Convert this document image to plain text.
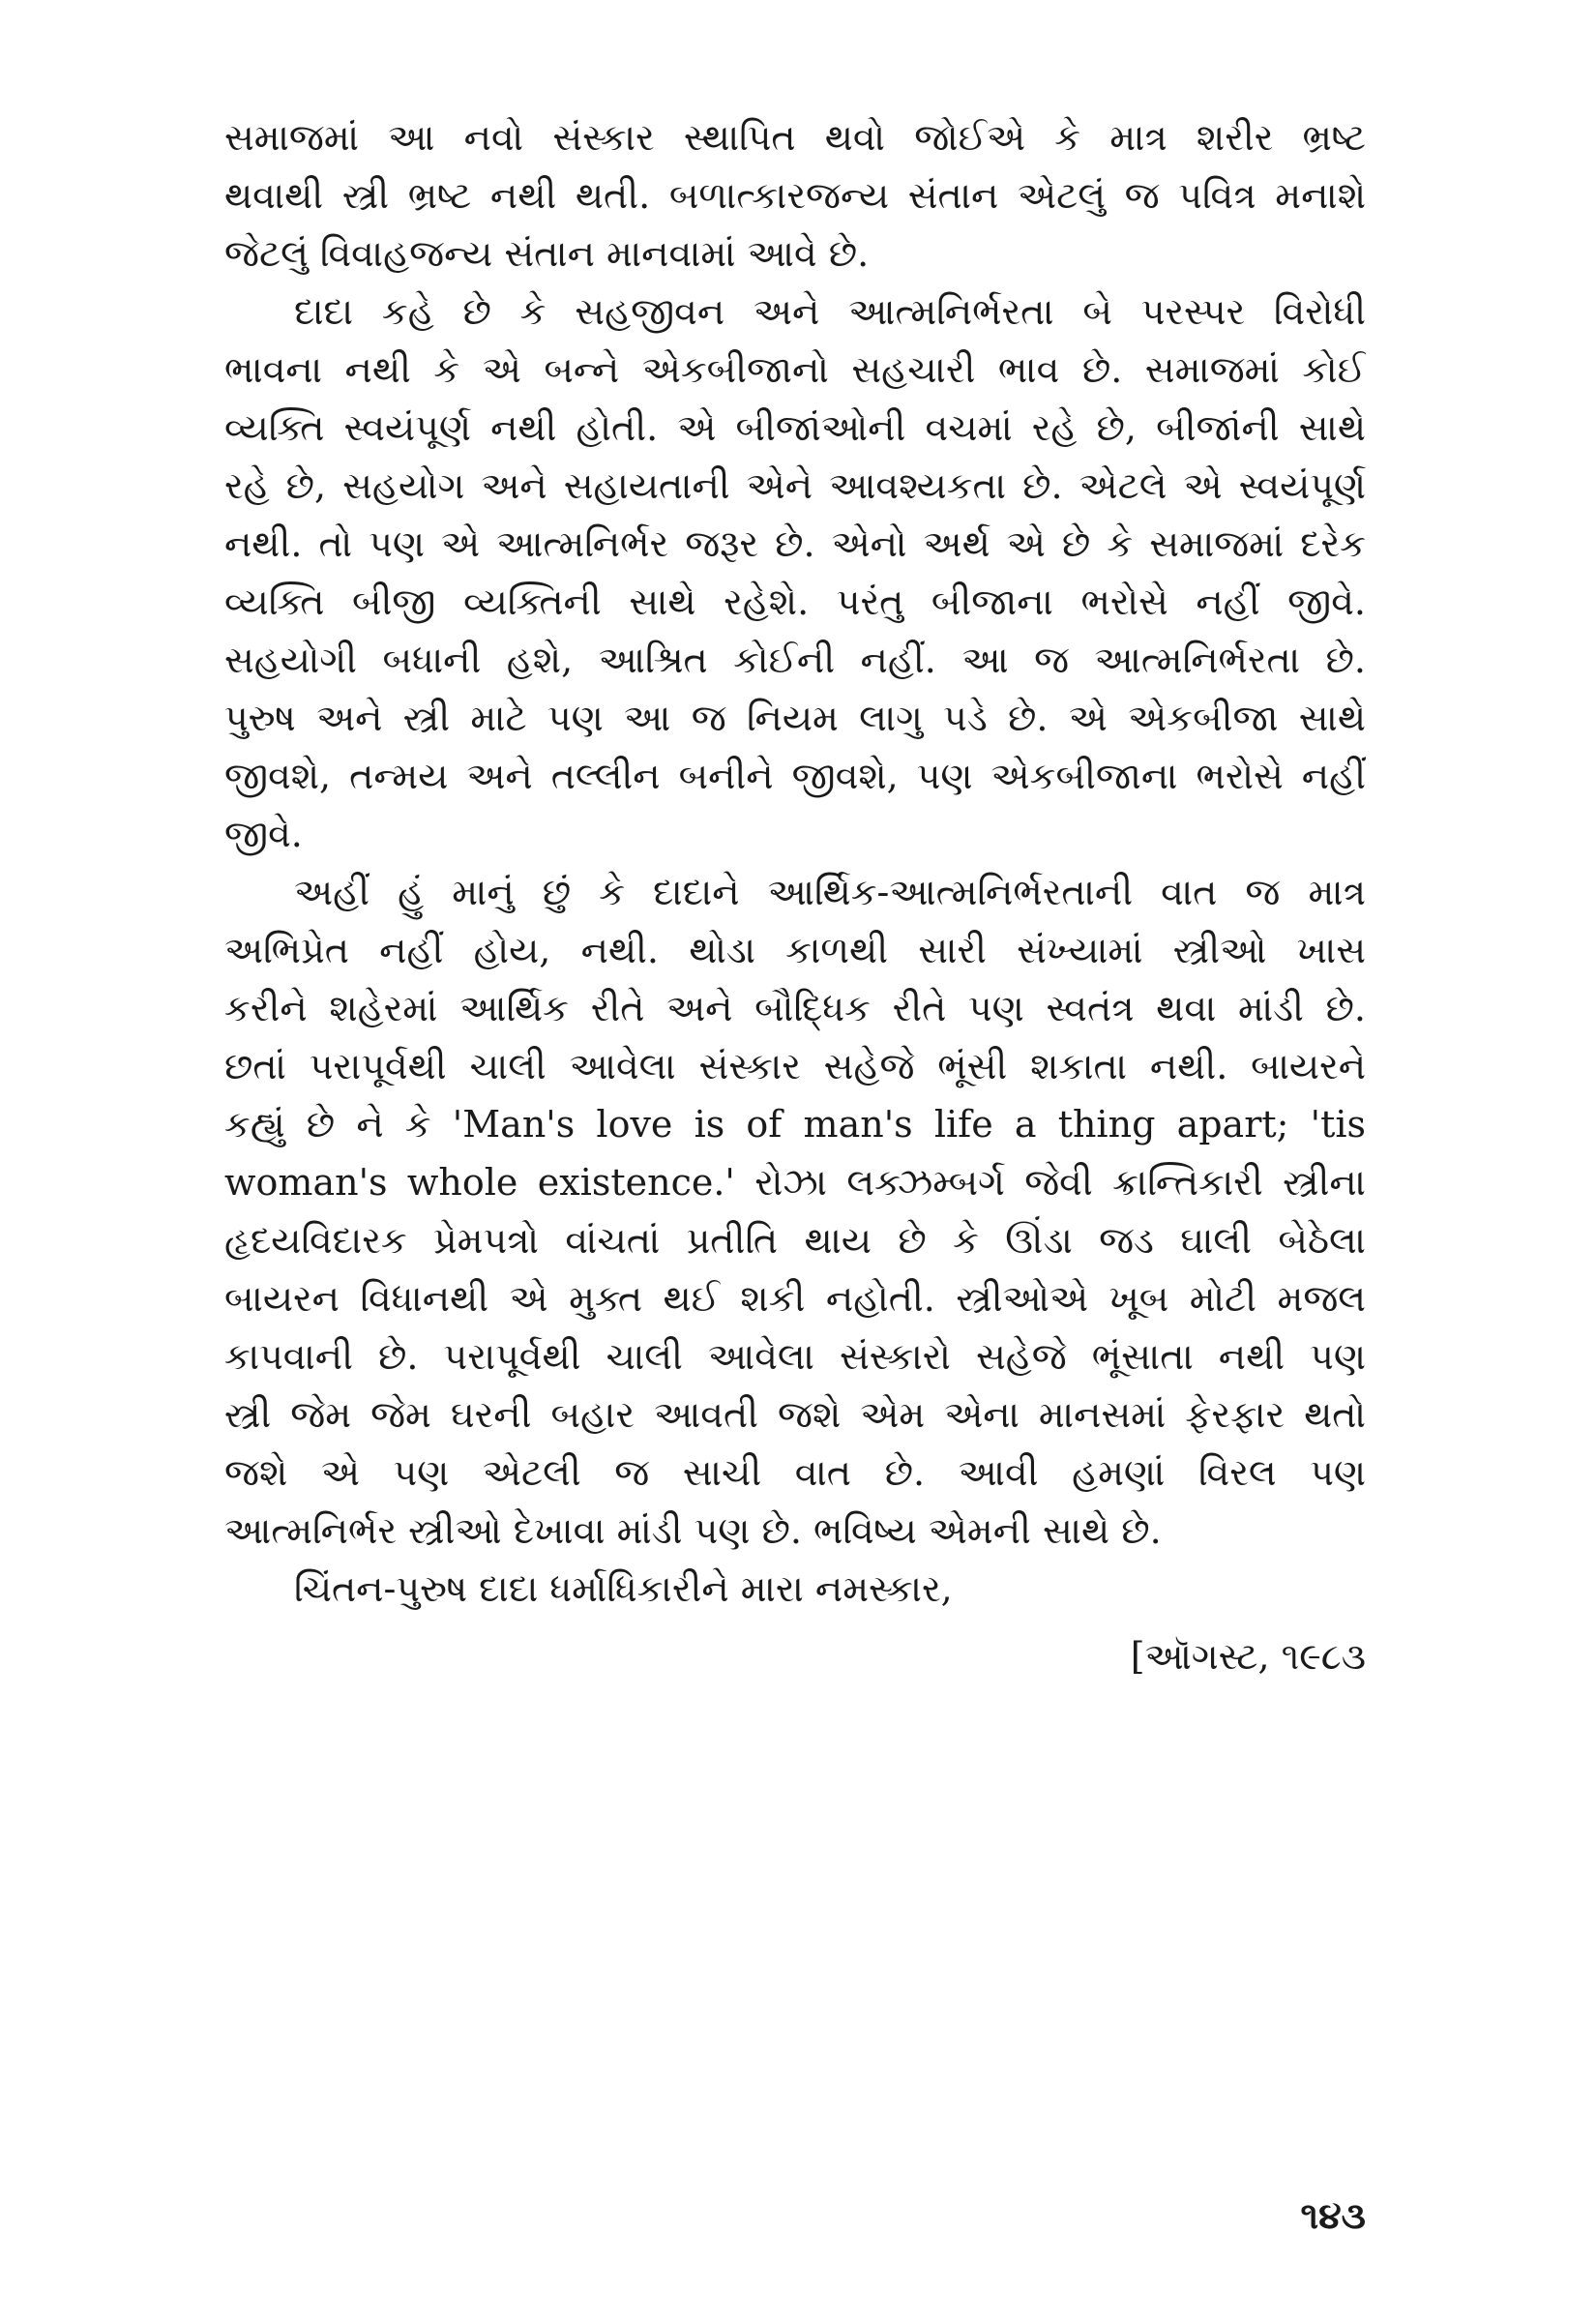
સમાજમાં આ નવો સંસ્કાર સ્થાપિત થવો જોઈએ કે માત્ર શરીર ભ્રષ્ટ
થવાથી સ્ત્રી ભ્રષ્ટ નથી થતી. બળાત્કારજન્ય સંતાન એટલું જ પવિત્ર મનાશે
જેટલું વિવાહજન્ય સંતાન માનવામાં આવે છે.
દાદા કહે છે કે સહજીવન અને આત્મનિર્ભરતા બે પરસ્પર વિરોધી
ભાવના નથી કે એ બન્ને એકબીજાનો સહચારી ભાવ છે. સમાજમાં કોઈ
વ્યક્તિ સ્વયંપૂર્ણ નથી હોતી. એ બીજાંઓની વચમાં રહે છે, બીજાંની સાથે
રહે છે, સહયોગ અને સહાયતાની એને આવશ્યકતા છે. એટલે એ સ્વયંપૂર્ણ
નથી. તો પણ એ આત્મનિર્ભર જરૂર છે. એનો અર્થ એ છે કે સમાજમાં દરેક
વ્યક્તિ બીજી વ્યક્તિની સાથે રહેશે. પરંતુ બીજાના ભરોસે નહીં જીવે.
સહયોગી બધાની હશે, આશ્રિત કોઈની નહીં. આ જ આત્મનિર્ભરતા છે.
પુરુષ અને સ્ત્રી માટે પણ આ જ નિયમ લાગુ પડે છે. એ એકબીજા સાથે
જીવશે, તન્મય અને તલ્લીન બનીને જીવશે, પણ એકબીજાના ભરોસે નહીં
જીવે.
અહીં હું માનું છું કે દાદાને આર્થિક-આત્મનિર્ભરતાની વાત જ માત્ર
અભિપ્રેત નહીં હોય, નથી. થોડા કાળથી સારી સંખ્યામાં સ્ત્રીઓ ખાસ
કરીને શહેરમાં આર્થિક રીતે અને બૌદ્ધિક રીતે પણ સ્વતંત્ર થવા માંડી છે.
છતાં પરાપૂર્વથી ચાલી આવેલા સંસ્કાર સહેજે ભૂંસી શકાતા નથી. બાયરને
કહ્યું છે ને કે 'Man's love is of man's life a thing apart; 'tis
woman's whole existence.' રોઝા લક્ઝમ્બર્ગ જેવી ક્રાન્તિકારી સ્ત્રીના
હૃદયવિદારક પ્રેમપત્રો વાંચતાં પ્રતીતિ થાય છે કે ઊંડા જડ ઘાલી બેઠેલા
બાયરન વિધાનથી એ મુક્ત થઈ શકી નહોતી. સ્ત્રીઓએ ખૂબ મોટી મજલ
કાપવાની છે. પરાપૂર્વથી ચાલી આવેલા સંસ્કારો સહેજે ભૂંસાતા નથી પણ
સ્ત્રી જેમ જેમ ઘરની બહાર આવતી જશે એમ એના માનસમાં ફેરફાર થતો
જશે એ પણ એટલી જ સાચી વાત છે. આવી હમણાં વિરલ પણ
આત્મનિર્ભર સ્ત્રીઓ દેખાવા માંડી પણ છે. ભવિષ્ય એમની સાથે છે.
ચિંતન-પુરુષ દાદા ધર્માધિકારીને મારા નમસ્કાર,
[ઑગસ્ટ, ૧૯૮૩
૧૪૩
